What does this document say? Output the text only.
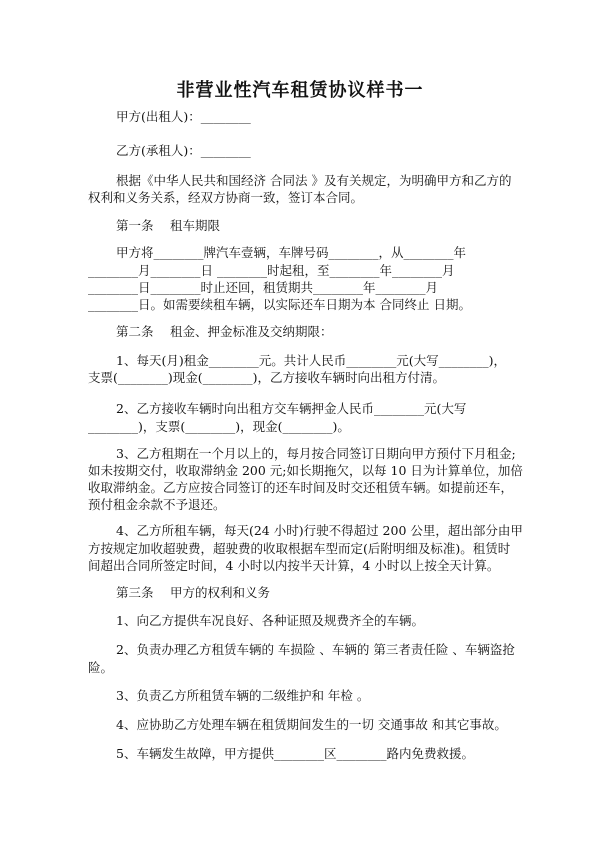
非营业性汽车租赁协议样书一
甲方(出租人)：________
乙方(承租人)：________
根据《中华人民共和国经济 合同法 》及有关规定，为明确甲方和乙方的
权利和义务关系，经双方协商一致，签订本合同。
第一条 　租车期限
甲方将________牌汽车壹辆，车牌号码________，从________年
________月________日 ________时起租，至________年________月
________日________时止还回，租赁期共________年________月
________日。如需要续租车辆，以实际还车日期为本 合同终止 日期。
第二条 　租金、押金标准及交纳期限：
1、每天(月)租金________元。共计人民币________元(大写________)，
支票(________)现金(________)，乙方接收车辆时向出租方付清。
2、乙方接收车辆时向出租方交车辆押金人民币________元(大写
________)，支票(________)，现金(________)。
3、乙方租期在一个月以上的，每月按合同签订日期向甲方预付下月租金;
如未按期交付，收取滞纳金 200 元;如长期拖欠，以每 10 日为计算单位，加倍
收取滞纳金。乙方应按合同签订的还车时间及时交还租赁车辆。如提前还车，
预付租金余款不予退还。
4、乙方所租车辆，每天(24 小时)行驶不得超过 200 公里，超出部分由甲
方按规定加收超驶费，超驶费的收取根据车型而定(后附明细及标准)。租赁时
间超出合同所签定时间，4 小时以内按半天计算，4 小时以上按全天计算。
第三条 　甲方的权利和义务
1、向乙方提供车况良好、各种证照及规费齐全的车辆。
2、负责办理乙方租赁车辆的 车损险 、车辆的 第三者责任险 、车辆盗抢
险。
3、负责乙方所租赁车辆的二级维护和 年检 。
4、应协助乙方处理车辆在租赁期间发生的一切 交通事故 和其它事故。
5、车辆发生故障，甲方提供________区________路内免费救援。
